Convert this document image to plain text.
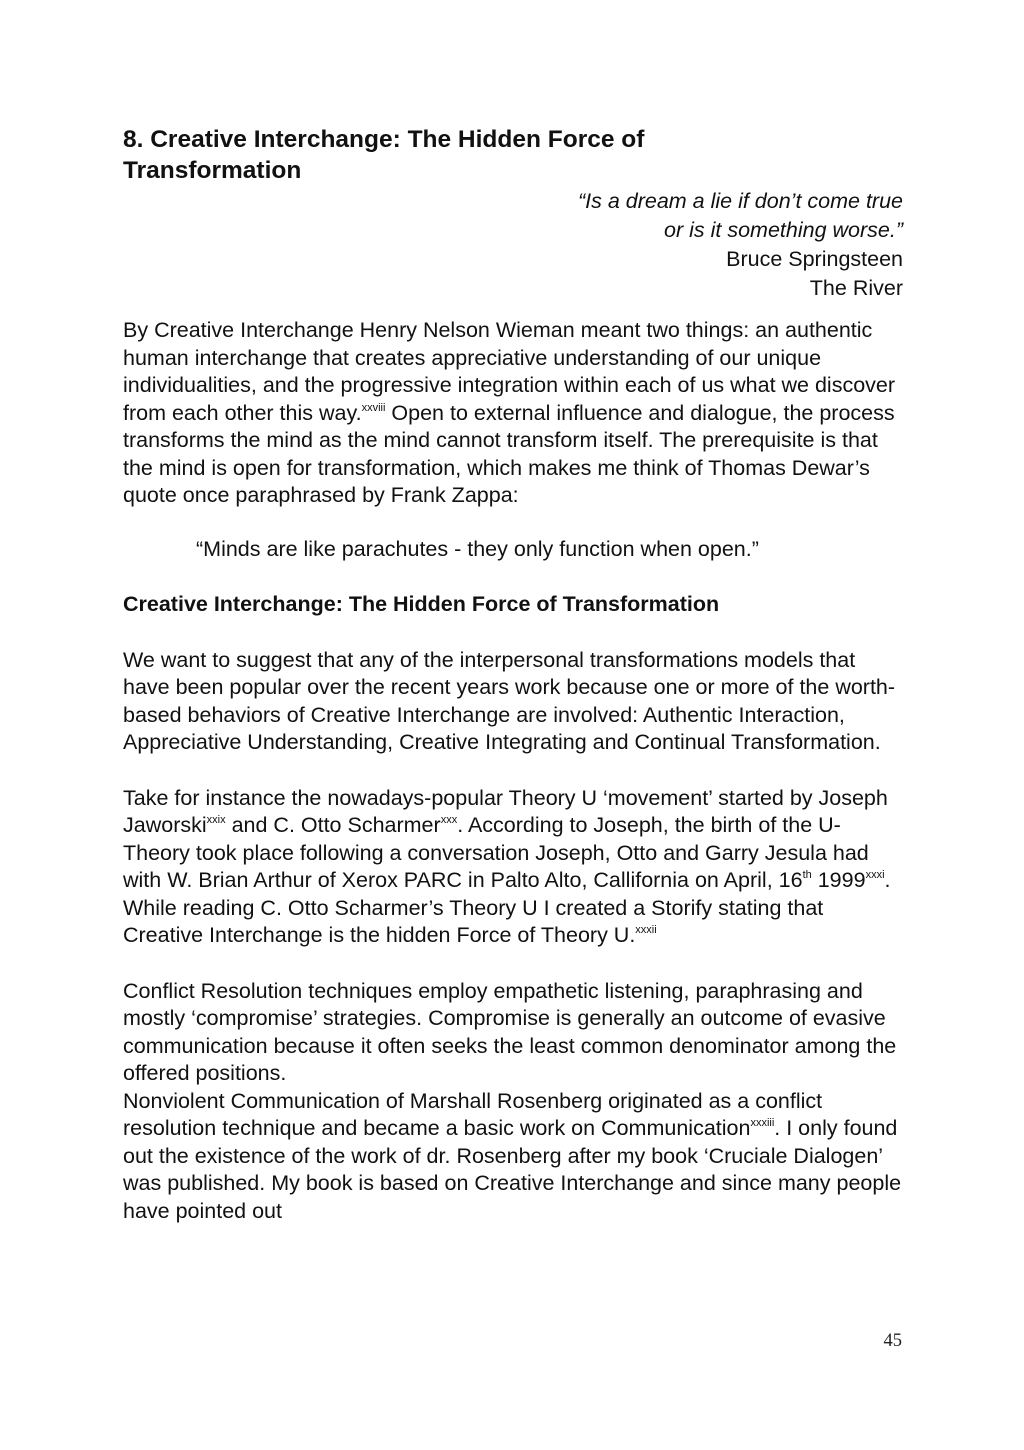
8. Creative Interchange: The Hidden Force of
Transformation
“Is a dream a lie if don’t come true
or is it something worse.”
Bruce Springsteen
The River

By Creative Interchange Henry Nelson Wieman meant two things: an authentic human interchange that creates appreciative understanding of our unique individualities, and the progressive integration within each of us what we discover from each other this way.$^{xxviii}$ Open to external influence and dialogue, the process transforms the mind as the mind cannot transform itself. The prerequisite is that the mind is open for transformation, which makes me think of Thomas Dewar’s quote once paraphrased by Frank Zappa:

“Minds are like parachutes - they only function when open.”

Creative Interchange: The Hidden Force of Transformation

We want to suggest that any of the interpersonal transformations models that have been popular over the recent years work because one or more of the worth-based behaviors of Creative Interchange are involved: Authentic Interaction, Appreciative Understanding, Creative Integrating and Continual Transformation.

Take for instance the nowadays-popular Theory U ‘movement’ started by Joseph Jaworski$^{xxix}$ and C. Otto Scharmer$^{xxx}$. According to Joseph, the birth of the U-Theory took place following a conversation Joseph, Otto and Garry Jesula had with W. Brian Arthur of Xerox PARC in Palto Alto, Callifornia on April, 16th 1999$^{xxxi}$. While reading C. Otto Scharmer’s Theory U I created a Storify stating that Creative Interchange is the hidden Force of Theory U.$^{xxxii}$

Conflict Resolution techniques employ empathetic listening, paraphrasing and mostly ‘compromise’ strategies. Compromise is generally an outcome of evasive communication because it often seeks the least common denominator among the offered positions.
Nonviolent Communication of Marshall Rosenberg originated as a conflict resolution technique and became a basic work on Communication$^{xxxiii}$. I only found out the existence of the work of dr. Rosenberg after my book ‘Cruciale Dialogen’ was published. My book is based on Creative Interchange and since many people have pointed out

45
